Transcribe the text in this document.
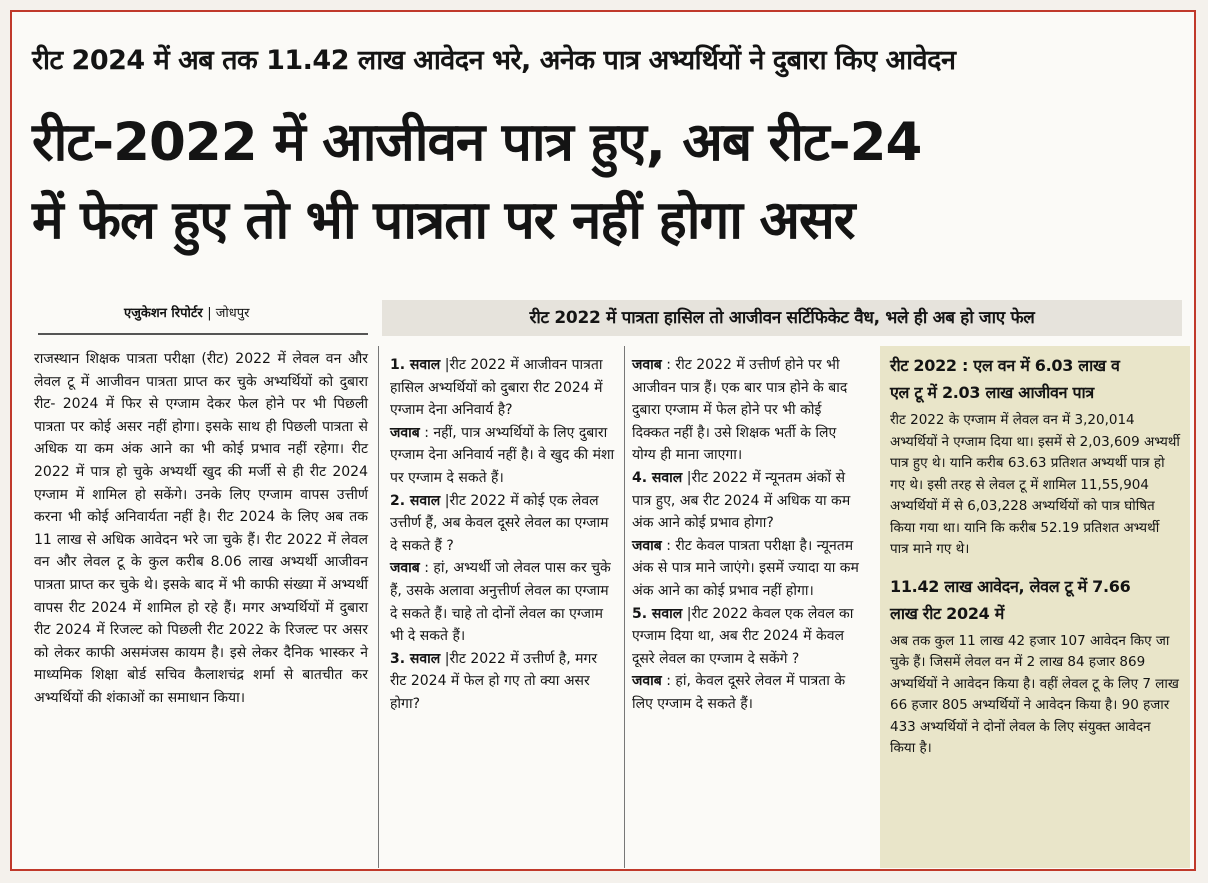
रीट 2024 में अब तक 11.42 लाख आवेदन भरे, अनेक पात्र अभ्यर्थियों ने दुबारा किए आवेदन
रीट-2022 में आजीवन पात्र हुए, अब रीट-24
में फेल हुए तो भी पात्रता पर नहीं होगा असर
एजुकेशन रिपोर्टर | जोधपुर	रीट 2022 में पात्रता हासिल तो आजीवन सर्टिफिकेट वैध, भले ही अब हो जाए फेल
राजस्थान शिक्षक पात्रता परीक्षा (रीट) 2022 में लेवल वन और लेवल टू में आजीवन पात्रता प्राप्त कर चुके अभ्यर्थियों को दुबारा रीट- 2024 में फिर से एग्जाम देकर फेल होने पर भी पिछली पात्रता पर कोई असर नहीं होगा। इसके साथ ही पिछली पात्रता से अधिक या कम अंक आने का भी कोई प्रभाव नहीं रहेगा। रीट 2022 में पात्र हो चुके अभ्यर्थी खुद की मर्जी से ही रीट 2024 एग्जाम में शामिल हो सकेंगे। उनके लिए एग्जाम वापस उत्तीर्ण करना भी कोई अनिवार्यता नहीं है। रीट 2024 के लिए अब तक 11 लाख से अधिक आवेदन भरे जा चुके हैं। रीट 2022 में लेवल वन और लेवल टू के कुल करीब 8.06 लाख अभ्यर्थी आजीवन पात्रता प्राप्त कर चुके थे। इसके बाद में भी काफी संख्या में अभ्यर्थी वापस रीट 2024 में शामिल हो रहे हैं। मगर अभ्यर्थियों में दुबारा रीट 2024 में रिजल्ट को पिछली रीट 2022 के रिजल्ट पर असर को लेकर काफी असमंजस कायम है। इसे लेकर दैनिक भास्कर ने माध्यमिक शिक्षा बोर्ड सचिव कैलाशचंद्र शर्मा से बातचीत कर अभ्यर्थियों की शंकाओं का समाधान किया।

1. सवाल |रीट 2022 में आजीवन पात्रता हासिल अभ्यर्थियों को दुबारा रीट 2024 में एग्जाम देना अनिवार्य है?

जवाब : नहीं, पात्र अभ्यर्थियों के लिए दुबारा एग्जाम देना अनिवार्य नहीं है। वे खुद की मंशा पर एग्जाम दे सकते हैं।

2. सवाल |रीट 2022 में कोई एक लेवल उत्तीर्ण हैं, अब केवल दूसरे लेवल का एग्जाम दे सकते हैं ?

जवाब : हां, अभ्यर्थी जो लेवल पास कर चुके हैं, उसके अलावा अनुत्तीर्ण लेवल का एग्जाम दे सकते हैं। चाहे तो दोनों लेवल का एग्जाम भी दे सकते हैं।

3. सवाल |रीट 2022 में उत्तीर्ण है, मगर रीट 2024 में फेल हो गए तो क्या असर होगा?

जवाब : रीट 2022 में उत्तीर्ण होने पर भी आजीवन पात्र हैं। एक बार पात्र होने के बाद दुबारा एग्जाम में फेल होने पर भी कोई दिक्कत नहीं है। उसे शिक्षक भर्ती के लिए योग्य ही माना जाएगा।

4. सवाल |रीट 2022 में न्यूनतम अंकों से पात्र हुए, अब रीट 2024 में अधिक या कम अंक आने कोई प्रभाव होगा?

जवाब : रीट केवल पात्रता परीक्षा है। न्यूनतम अंक से पात्र माने जाएंगे। इसमें ज्यादा या कम अंक आने का कोई प्रभाव नहीं होगा।

5. सवाल |रीट 2022 केवल एक लेवल का एग्जाम दिया था, अब रीट 2024 में केवल दूसरे लेवल का एग्जाम दे सकेंगे ?

जवाब : हां, केवल दूसरे लेवल में पात्रता के लिए एग्जाम दे सकते हैं।

रीट 2022 : एल वन में 6.03 लाख व
एल टू में 2.03 लाख आजीवन पात्र
रीट 2022 के एग्जाम में लेवल वन में 3,20,014 अभ्यर्थियों ने एग्जाम दिया था। इसमें से 2,03,609 अभ्यर्थी पात्र हुए थे। यानि करीब 63.63 प्रतिशत अभ्यर्थी पात्र हो गए थे। इसी तरह से लेवल टू में शामिल 11,55,904 अभ्यर्थियों में से 6,03,228 अभ्यर्थियों को पात्र घोषित किया गया था। यानि कि करीब 52.19 प्रतिशत अभ्यर्थी पात्र माने गए थे।
11.42 लाख आवेदन, लेवल टू में 7.66
लाख रीट 2024 में
अब तक कुल 11 लाख 42 हजार 107 आवेदन किए जा चुके हैं। जिसमें लेवल वन में 2 लाख 84 हजार 869 अभ्यर्थियों ने आवेदन किया है। वहीं लेवल टू के लिए 7 लाख 66 हजार 805 अभ्यर्थियों ने आवेदन किया है। 90 हजार 433 अभ्यर्थियों ने दोनों लेवल के लिए संयुक्त आवेदन किया है।
